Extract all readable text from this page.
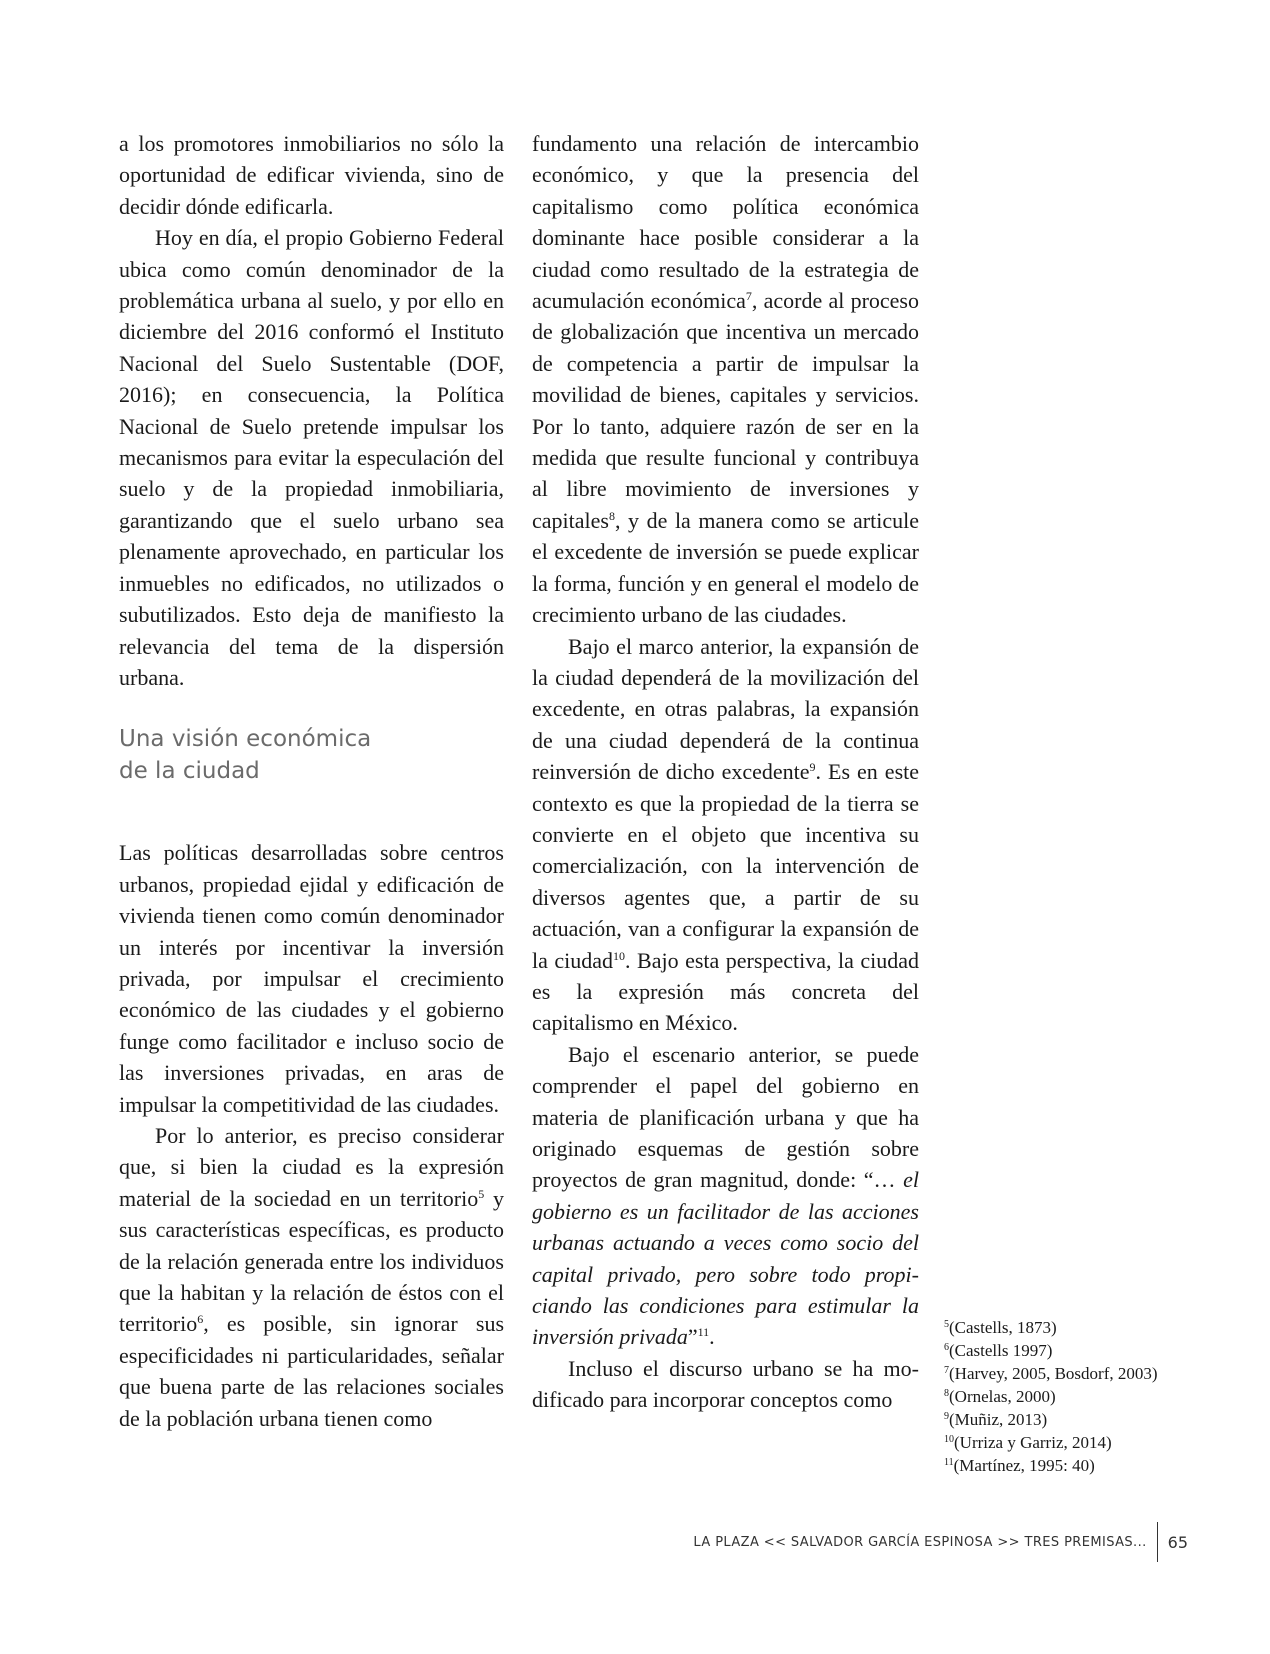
a los promotores inmobiliarios no sólo la oportunidad de edificar vivienda, sino de decidir dónde edificarla.

Hoy en día, el propio Gobierno Federal ubica como común denominador de la problemática urbana al suelo, y por ello en diciembre del 2016 conformó el Instituto Nacional del Suelo Sustentable (DOF, 2016); en consecuencia, la Política Nacional de Suelo pretende impulsar los mecanismos para evitar la especulación del suelo y de la propiedad inmobiliaria, garantizando que el suelo urbano sea plenamente aprovechado, en particular los inmuebles no edificados, no utilizados o subutilizados. Esto deja de manifiesto la relevancia del tema de la dispersión urbana.

Una visión económica
de la ciudad

Las políticas desarrolladas sobre centros urbanos, propiedad ejidal y edificación de vivienda tienen como común denominador un interés por incentivar la inversión privada, por impulsar el crecimiento económico de las ciudades y el gobierno funge como facilitador e incluso socio de las inversiones privadas, en aras de impulsar la competitividad de las ciudades.

Por lo anterior, es preciso considerar que, si bien la ciudad es la expresión material de la sociedad en un territorio$^5$ y sus características específicas, es producto de la relación generada entre los individuos que la habitan y la relación de éstos con el territorio$^6$, es posible, sin ignorar sus especificidades ni particularidades, señalar que buena parte de las relaciones sociales de la población urbana tienen como

fundamento una relación de intercambio económico, y que la presencia del capitalismo como política económica dominante hace posible considerar a la ciudad como resultado de la estrategia de acumulación económica$^7$, acorde al proceso de globalización que incentiva un mercado de competencia a partir de impulsar la movilidad de bienes, capitales y servicios. Por lo tanto, adquiere razón de ser en la medida que resulte funcional y contribuya al libre movimiento de inversiones y capitales$^8$, y de la manera como se articule el excedente de inversión se puede explicar la forma, función y en general el modelo de crecimiento urbano de las ciudades.

Bajo el marco anterior, la expansión de la ciudad dependerá de la movilización del excedente, en otras palabras, la expansión de una ciudad dependerá de la continua reinversión de dicho excedente$^9$. Es en este contexto es que la propiedad de la tierra se convierte en el objeto que incentiva su comercialización, con la intervención de diversos agentes que, a partir de su actuación, van a configurar la expansión de la ciudad$^{10}$. Bajo esta perspectiva, la ciudad es la expresión más concreta del capitalismo en México.

Bajo el escenario anterior, se puede comprender el papel del gobierno en materia de planificación urbana y que ha originado esquemas de gestión sobre proyectos de gran magnitud, donde: “… el gobierno es un facilitador de las acciones urbanas actuando a veces como socio del capital privado, pero sobre todo propiciando las condiciones para estimular la inversión privada”$^{11}$.

Incluso el discurso urbano se ha modificado para incorporar conceptos como

$^5$(Castells, 1873)
$^6$(Castells 1997)
$^7$(Harvey, 2005, Bosdorf, 2003)
$^8$(Ornelas, 2000)
$^9$(Muñiz, 2013)
$^{10}$(Urriza y Garriz, 2014)
$^{11}$(Martínez, 1995: 40)
LA PLAZA << SALVADOR GARCÍA ESPINOSA >> TRES PREMISAS... 65
